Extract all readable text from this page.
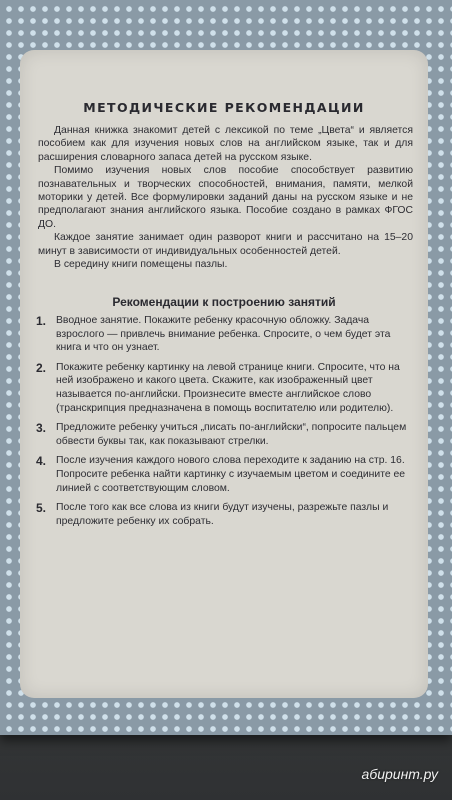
МЕТОДИЧЕСКИЕ РЕКОМЕНДАЦИИ

Данная книжка знакомит детей с лексикой по теме „Цвета“ и является пособием как для изучения новых слов на английском языке, так и для расширения словарного запаса детей на русском языке.

Помимо изучения новых слов пособие способствует развитию познавательных и творческих способностей, внимания, памяти, мелкой моторики у детей. Все формулировки заданий даны на русском языке и не предполагают знания английского языка. Пособие создано в рамках ФГОС ДО.

Каждое занятие занимает один разворот книги и рассчитано на 15–20 минут в зависимости от индивидуальных особенностей детей.

В середину книги помещены пазлы.

Рекомендации к построению занятий
1. Вводное занятие. Покажите ребенку красочную обложку. Задача взрослого — привлечь внимание ребенка. Спросите, о чем будет эта книга и что он узнает.
2. Покажите ребенку картинку на левой странице книги. Спросите, что на ней изображено и какого цвета. Скажите, как изображенный цвет называется по-английски. Произнесите вместе английское слово (транскрипция предназначена в помощь воспитателю или родителю).
3. Предложите ребенку учиться „писать по-английски“, попросите пальцем обвести буквы так, как показывают стрелки.
4. После изучения каждого нового слова переходите к заданию на стр. 16. Попросите ребенка найти картинку с изучаемым цветом и соедините ее линией с соответствующим словом.
5. После того как все слова из книги будут изучены, разрежьте пазлы и предложите ребенку их собрать.
абиринт.ру
